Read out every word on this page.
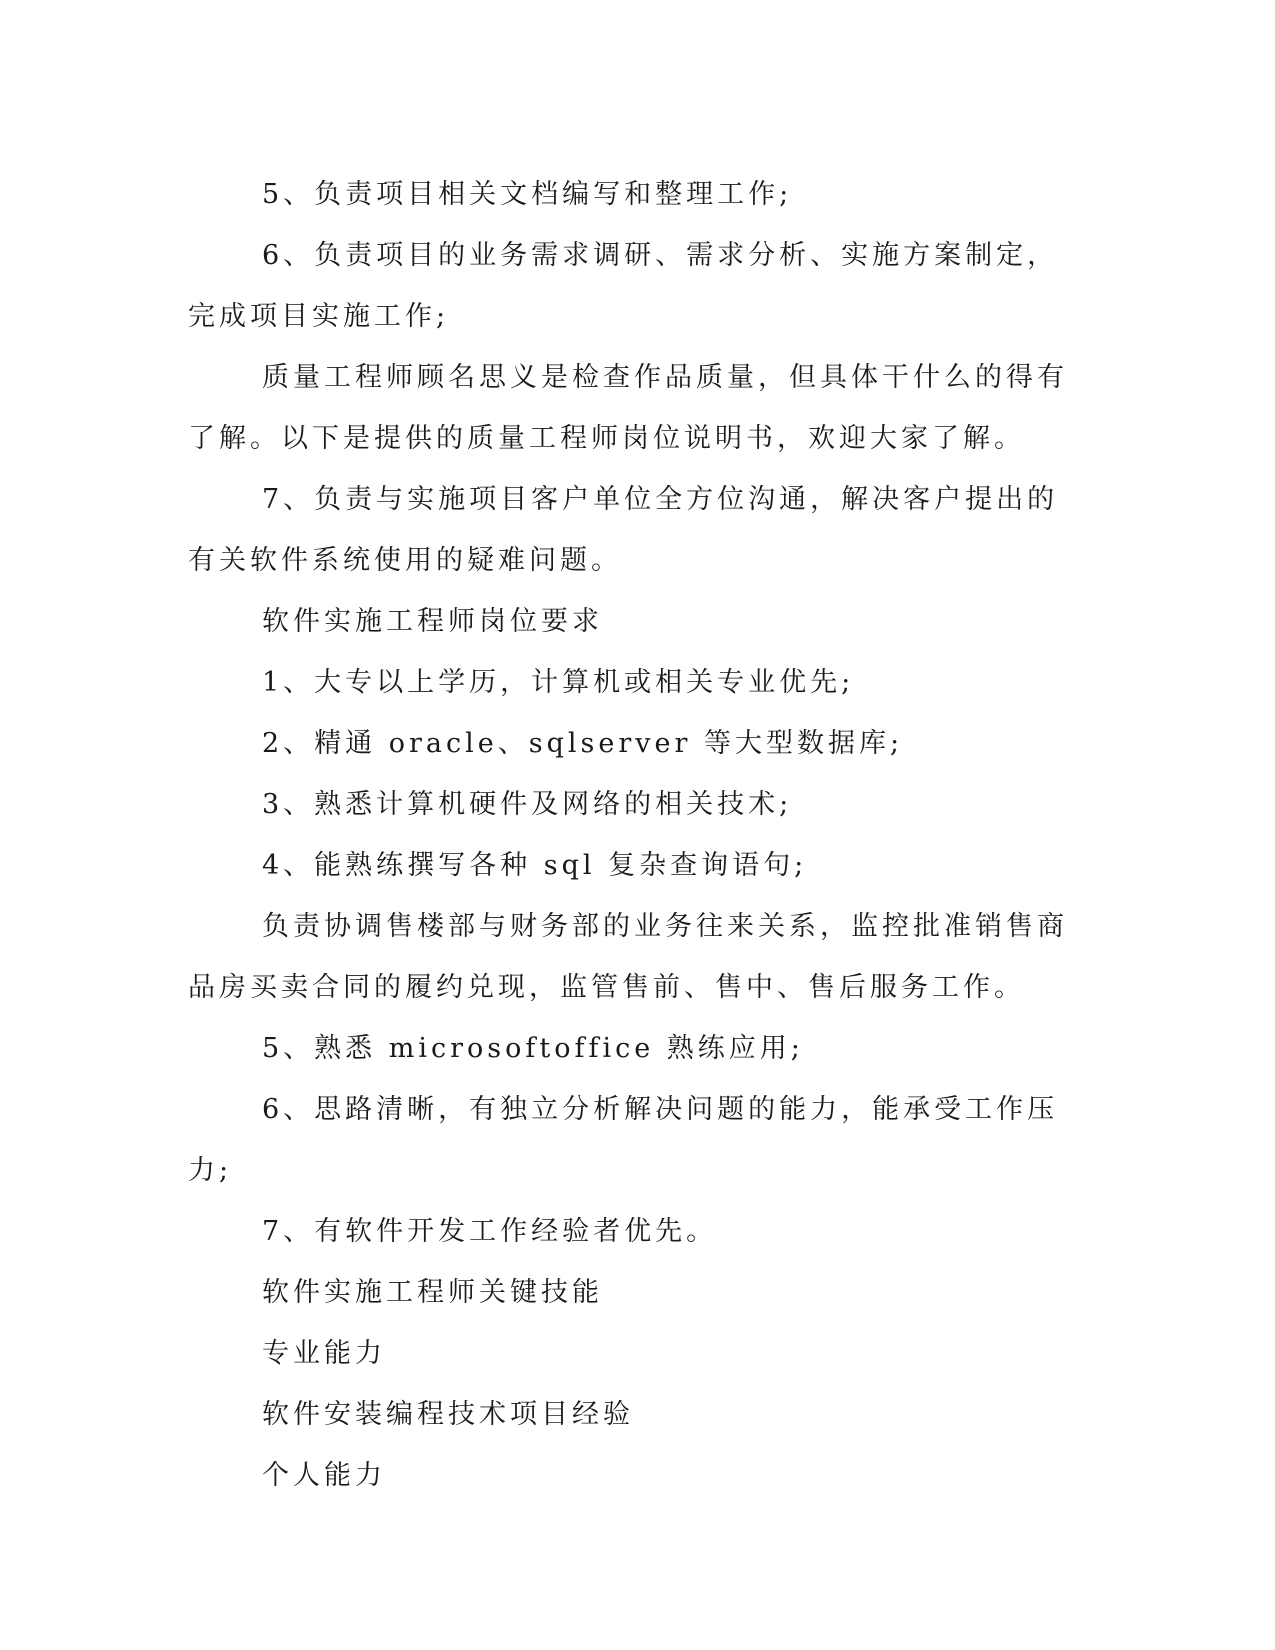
5、负责项目相关文档编写和整理工作;

6、负责项目的业务需求调研、需求分析、实施方案制定，完成项目实施工作;

质量工程师顾名思义是检查作品质量，但具体干什么的得有了解。以下是提供的质量工程师岗位说明书，欢迎大家了解。

7、负责与实施项目客户单位全方位沟通，解决客户提出的有关软件系统使用的疑难问题。

软件实施工程师岗位要求

1、大专以上学历，计算机或相关专业优先;

2、精通 oracle、sqlserver 等大型数据库;

3、熟悉计算机硬件及网络的相关技术;

4、能熟练撰写各种 sql 复杂查询语句;

负责协调售楼部与财务部的业务往来关系，监控批准销售商品房买卖合同的履约兑现，监管售前、售中、售后服务工作。

5、熟悉 microsoftoffice 熟练应用;

6、思路清晰，有独立分析解决问题的能力，能承受工作压力;

7、有软件开发工作经验者优先。

软件实施工程师关键技能

专业能力

软件安装编程技术项目经验

个人能力
